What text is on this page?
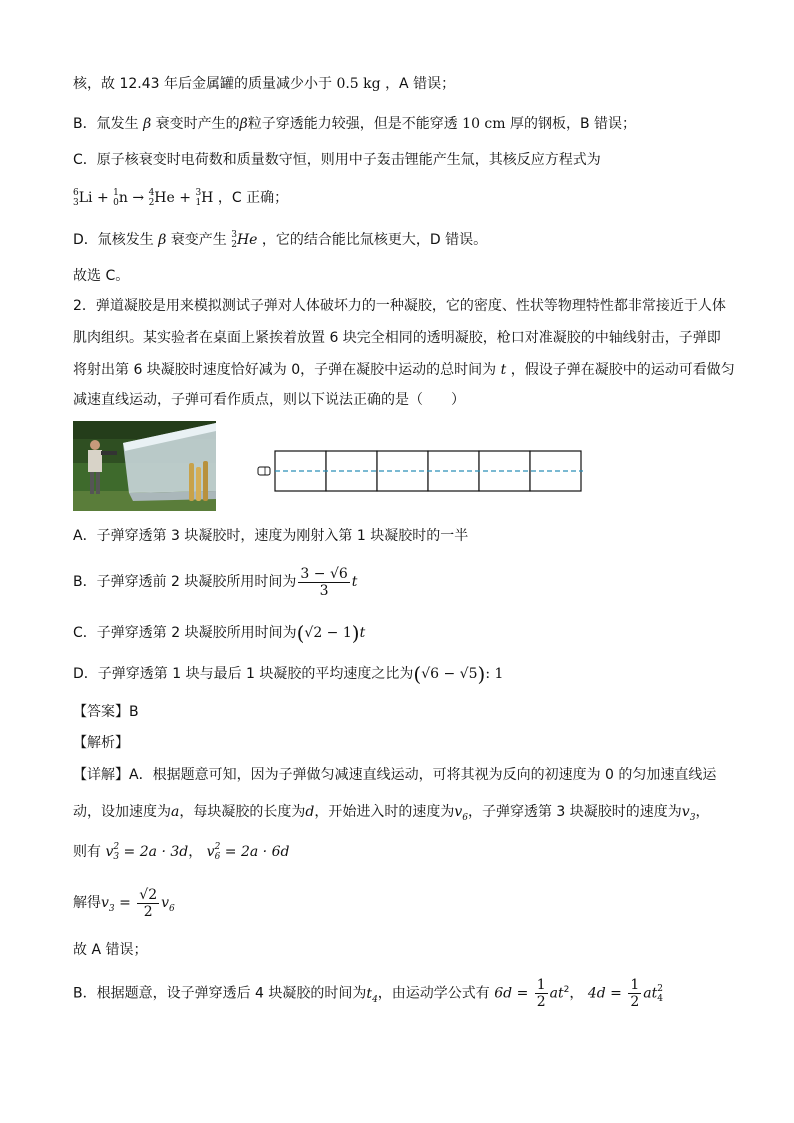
核，故 12.43 年后金属罐的质量减少小于 0.5 kg ，A 错误；
B．氚发生 β 衰变时产生的β粒子穿透能力较强，但是不能穿透 10 cm 厚的钢板，B 错误；
C．原子核衰变时电荷数和质量数守恒，则用中子轰击锂能产生氚，其核反应方程式为
6
3 Li + 1
0 n → 4
2 He + 3
1 H ，C 正确；
D．氚核发生 β 衰变产生 3
2 He ，它的结合能比氚核更大，D 错误。
故选 C。
2．弹道凝胶是用来模拟测试子弹对人体破坏力的一种凝胶，它的密度、性状等物理特性都非常接近于人体
肌肉组织。某实验者在桌面上紧挨着放置 6 块完全相同的透明凝胶，枪口对准凝胶的中轴线射击，子弹即
将射出第 6 块凝胶时速度恰好减为 0，子弹在凝胶中运动的总时间为 t ，假设子弹在凝胶中的运动可看做匀
减速直线运动，子弹可看作质点，则以下说法正确的是（　　）
A．子弹穿透第 3 块凝胶时，速度为刚射入第 1 块凝胶时的一半
B．子弹穿透前 2 块凝胶所用时间为 $\frac{3 - √6}{3}$ t
C．子弹穿透第 2 块凝胶所用时间为(√2 − 1)t
D．子弹穿透第 1 块与最后 1 块凝胶的平均速度之比为(√6 − √5): 1
【答案】B
【解析】
【详解】A．根据题意可知，因为子弹做匀减速直线运动，可将其视为反向的初速度为 0 的匀加速直线运
动，设加速度为a，每块凝胶的长度为d，开始进入时的速度为$v_6$，子弹穿透第 3 块凝胶时的速度为$v_3$，
则有 v 2
3 = 2a · 3d， v 2
6 = 2a · 6d
解得$v_3 = \frac{√2}{2} v_6$
故 A 错误；
B．根据题意，设子弹穿透后 4 块凝胶的时间为$t_4$，由运动学公式有 $6d = \frac{1}{2} at^2$， $4d = \frac{1}{2}$ at 2
4
